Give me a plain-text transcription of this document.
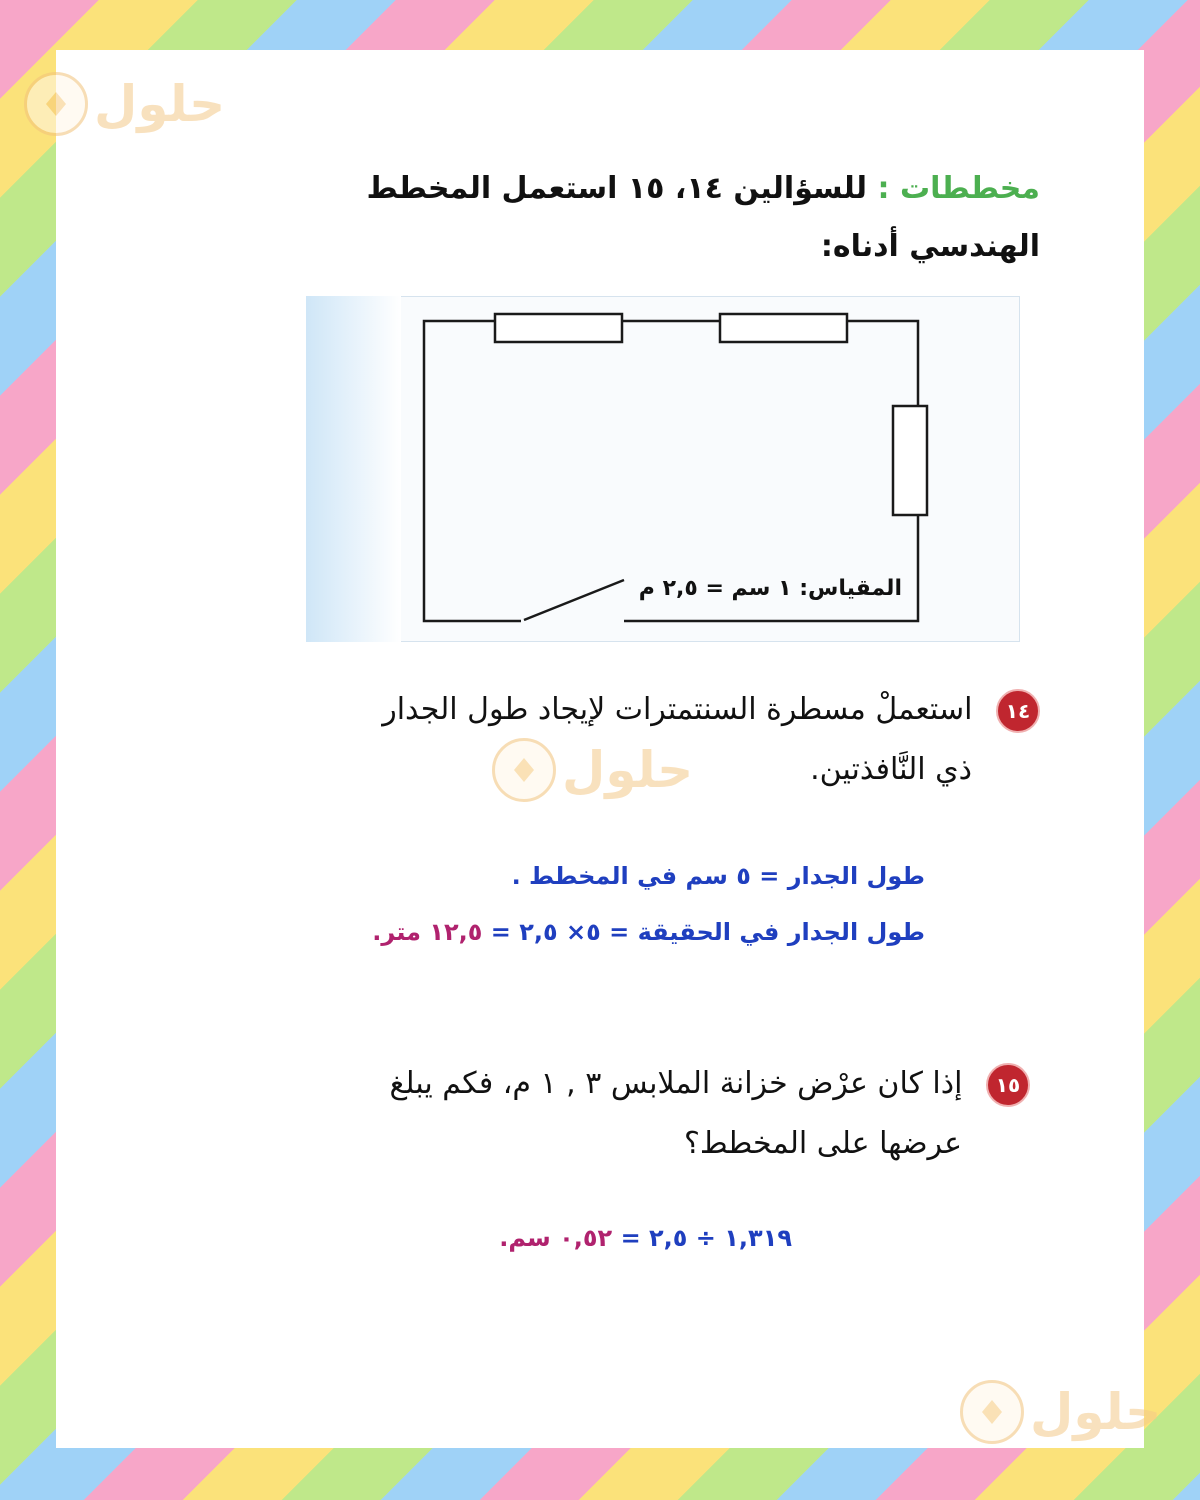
حلول
حلول
حلول
مخططات : للسؤالين ١٤، ١٥ استعمل المخطط
الهندسي أدناه:
المقياس: ١ سم = ٢,٥ م
١٤ استعملْ مسطرة السنتمترات لإيجاد طول الجدار
ذي النَّافذتين.
طول الجدار = ٥ سم في المخطط .
طول الجدار في الحقيقة = ٥× ٢,٥ = ١٢,٥ متر.
١٥ إذا كان عرْض خزانة الملابس ٣ , ١ م، فكم يبلغ
عرضها على المخطط؟
١,٣١٩ ÷ ٢,٥ = ٠,٥٢ سم.
